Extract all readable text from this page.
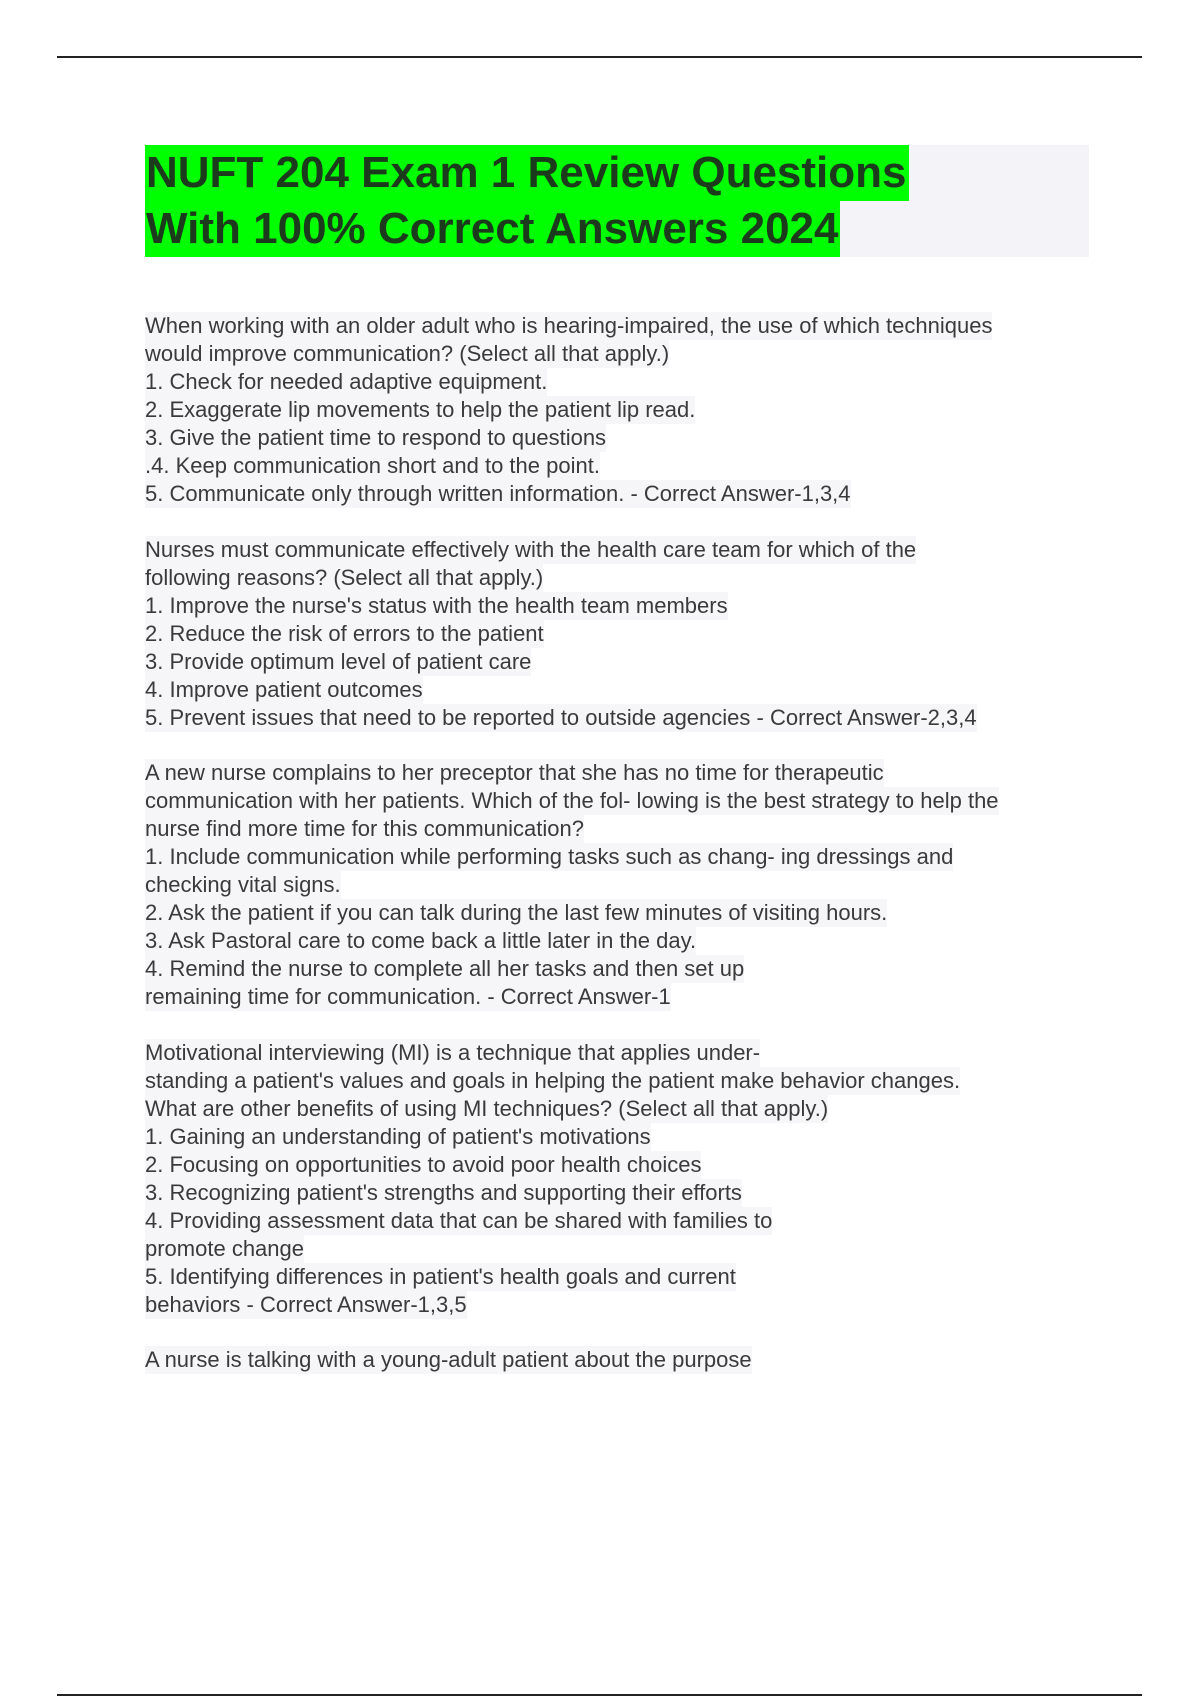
NUFT 204 Exam 1 Review Questions
With 100% Correct Answers 2024
When working with an older adult who is hearing-impaired, the use of which techniques
would improve communication? (Select all that apply.)
1. Check for needed adaptive equipment.
2. Exaggerate lip movements to help the patient lip read.
3. Give the patient time to respond to questions
.4. Keep communication short and to the point.
5. Communicate only through written information. - Correct Answer-1,3,4
Nurses must communicate effectively with the health care team for which of the
following reasons? (Select all that apply.)
1. Improve the nurse's status with the health team members
2. Reduce the risk of errors to the patient
3. Provide optimum level of patient care
4. Improve patient outcomes
5. Prevent issues that need to be reported to outside agencies - Correct Answer-2,3,4
A new nurse complains to her preceptor that she has no time for therapeutic
communication with her patients. Which of the fol- lowing is the best strategy to help the
nurse find more time for this communication?
1. Include communication while performing tasks such as chang- ing dressings and
checking vital signs.
2. Ask the patient if you can talk during the last few minutes of visiting hours.
3. Ask Pastoral care to come back a little later in the day.
4. Remind the nurse to complete all her tasks and then set up
remaining time for communication. - Correct Answer-1
Motivational interviewing (MI) is a technique that applies under-
standing a patient's values and goals in helping the patient make behavior changes.
What are other benefits of using MI techniques? (Select all that apply.)
1. Gaining an understanding of patient's motivations
2. Focusing on opportunities to avoid poor health choices
3. Recognizing patient's strengths and supporting their efforts
4. Providing assessment data that can be shared with families to
promote change
5. Identifying differences in patient's health goals and current
behaviors - Correct Answer-1,3,5
A nurse is talking with a young-adult patient about the purpose
